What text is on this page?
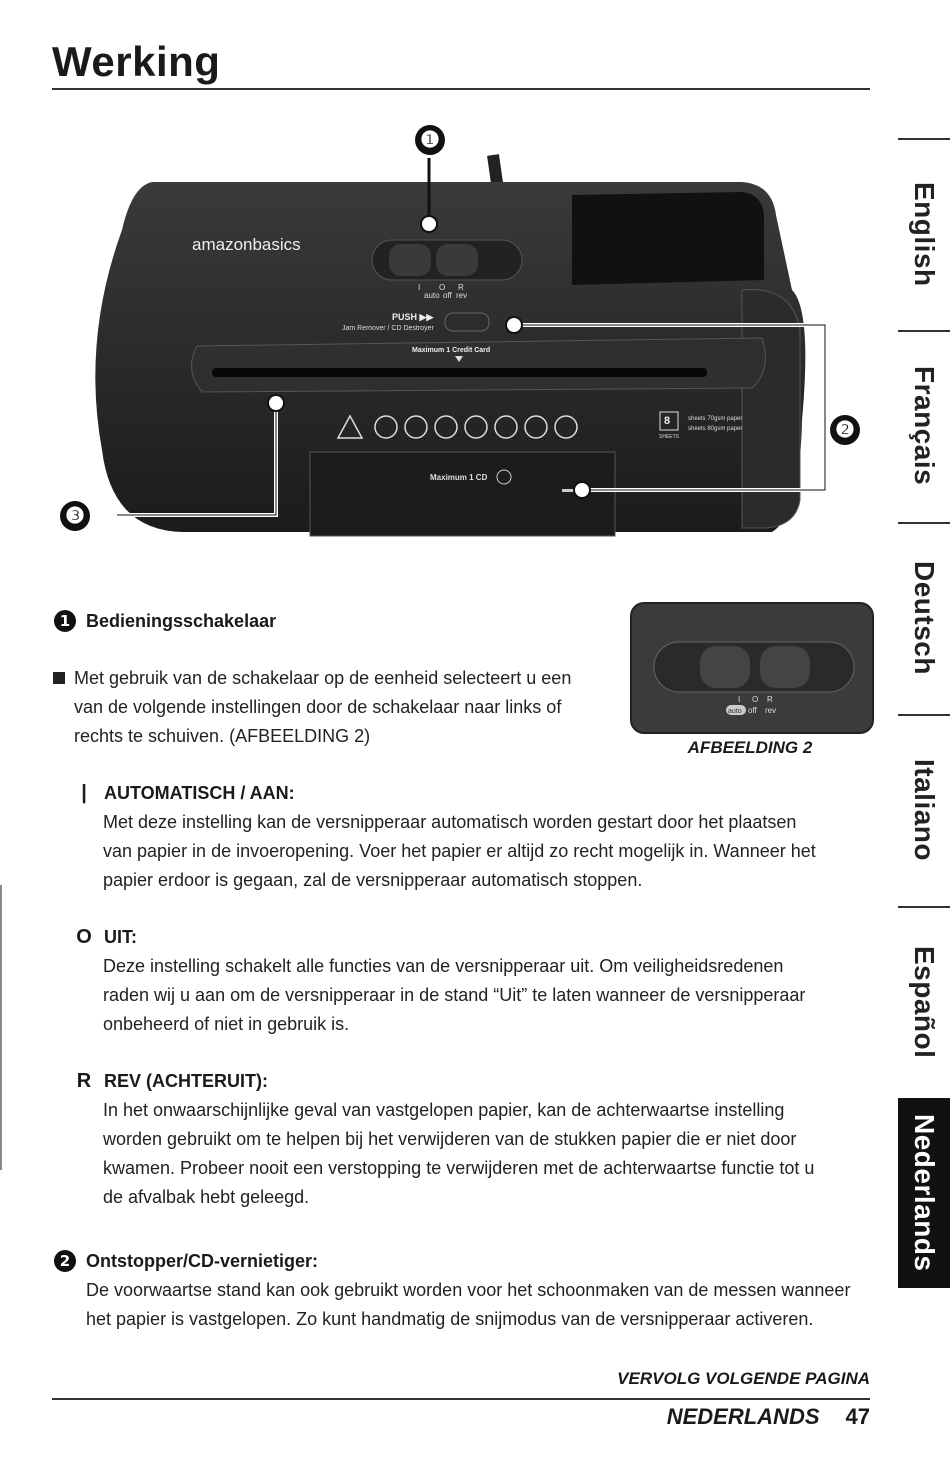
Werking
English
Français
Deutsch
Italiano
Español
Nederlands
amazonbasics
I O R
auto off rev
PUSH ▶▶
Jam Remover / CD Destroyer
Maximum 1 Credit Card
Maximum 1 CD
8
SHEETS
sheets 70gsm paper
sheets 80gsm paper
❶
❷
❸
1 Bedieningsschakelaar
Met gebruik van de schakelaar op de eenheid selecteert u een
van de volgende instellingen door de schakelaar naar links of
rechts te schuiven. (AFBEELDING 2)
I O R
auto off rev
AFBEELDING 2
| AUTOMATISCH / AAN:
Met deze instelling kan de versnipperaar automatisch worden gestart door het plaatsen
van papier in de invoeropening. Voer het papier er altijd zo recht mogelijk in. Wanneer het
papier erdoor is gegaan, zal de versnipperaar automatisch stoppen.
O UIT:
Deze instelling schakelt alle functies van de versnipperaar uit. Om veiligheidsredenen
raden wij u aan om de versnipperaar in de stand “Uit” te laten wanneer de versnipperaar
onbeheerd of niet in gebruik is.
R REV (ACHTERUIT):
In het onwaarschijnlijke geval van vastgelopen papier, kan de achterwaartse instelling
worden gebruikt om te helpen bij het verwijderen van de stukken papier die er niet door
kwamen. Probeer nooit een verstopping te verwijderen met de achterwaartse functie tot u
de afvalbak hebt geleegd.
2 Ontstopper/CD-vernietiger:
De voorwaartse stand kan ook gebruikt worden voor het schoonmaken van de messen wanneer
het papier is vastgelopen. Zo kunt handmatig de snijmodus van de versnipperaar activeren.
VERVOLG VOLGENDE PAGINA
NEDERLANDS 47
